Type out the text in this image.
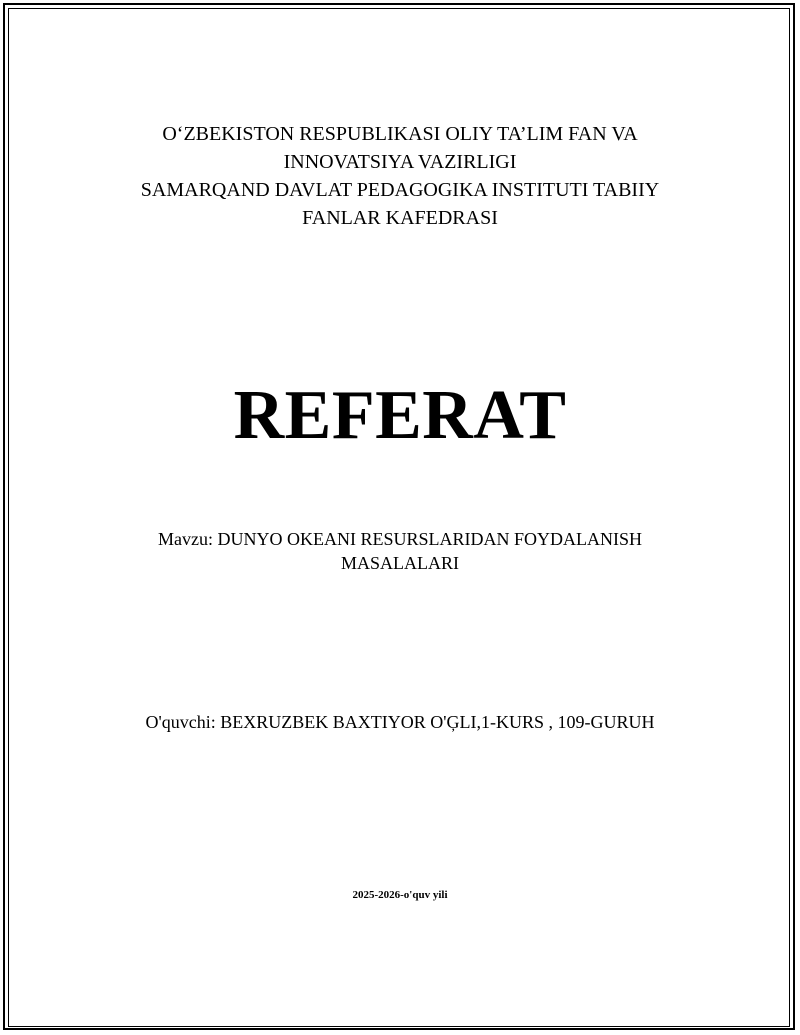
O‘ZBEKISTON RESPUBLIKASI OLIY TA’LIM FAN VA
INNOVATSIYA VAZIRLIGI
SAMARQAND DAVLAT PEDAGOGIKA INSTITUTI TABIIY
FANLAR KAFEDRASI
REFERAT
Mavzu: DUNYO OKEANI RESURSLARIDAN FOYDALANISH
MASALALARI
O'quvchi: BEXRUZBEK BAXTIYOR O'ĢLI,1-KURS , 109-GURUH
2025-2026-o'quv yili
